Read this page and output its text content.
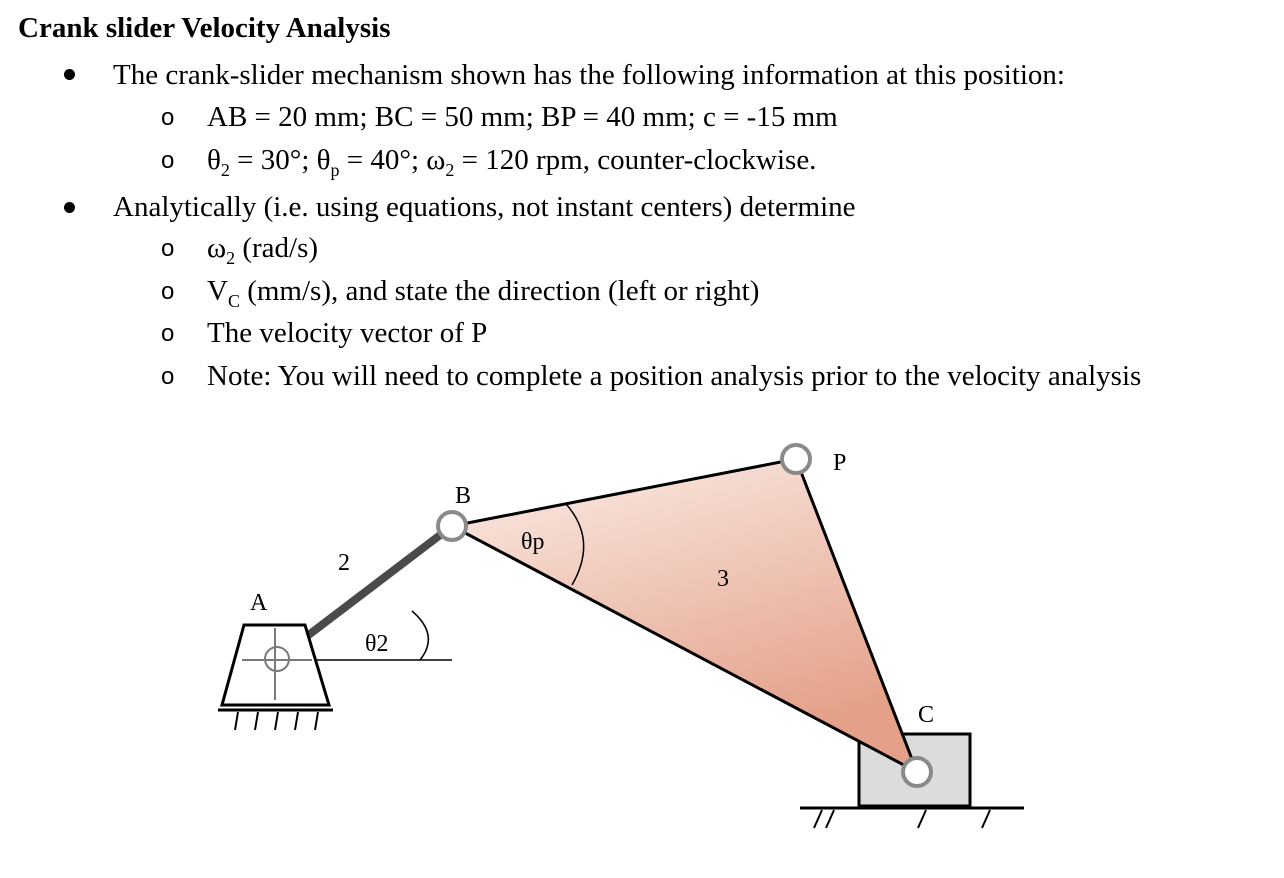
Crank slider Velocity Analysis
The crank-slider mechanism shown has the following information at this position:
o AB = 20 mm; BC = 50 mm; BP = 40 mm; c = -15 mm
o $\theta_2 = 30^\circ$; $\theta_p = 40^\circ$; $\omega_2 = 120$ rpm, counter-clockwise.
Analytically (i.e. using equations, not instant centers) determine
o $\omega_2$ (rad/s)
o $V_C$ (mm/s), and state the direction (left or right)
o The velocity vector of P
o Note: You will need to complete a position analysis prior to the velocity analysis
A
B
C
P
2
3
θ2
θp
